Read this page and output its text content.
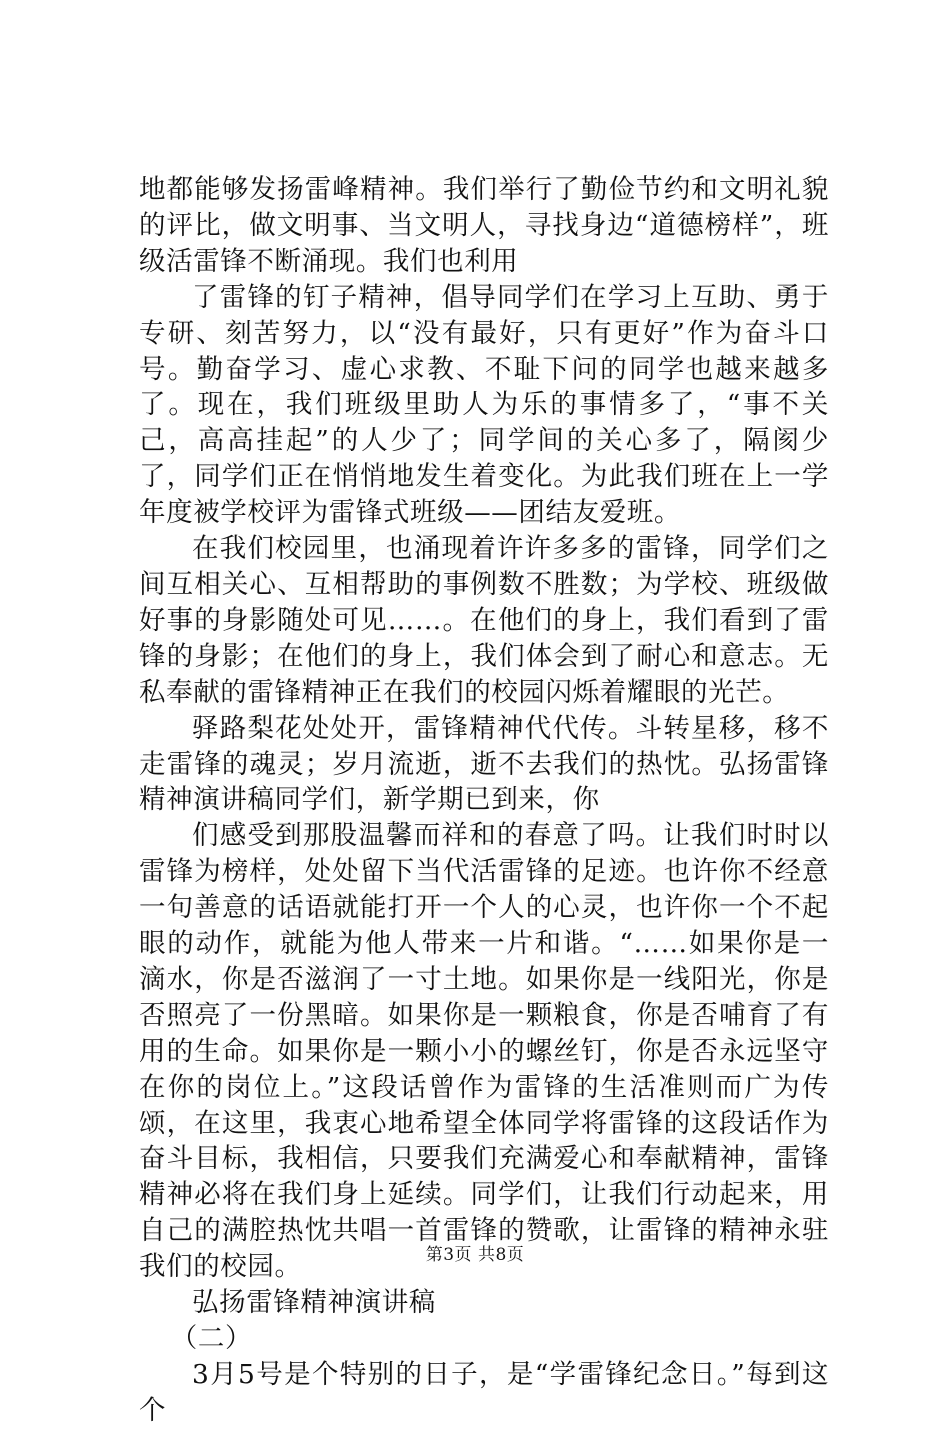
地都能够发扬雷峰精神。我们举行了勤俭节约和文明礼貌的评比，做文明事、当文明人，寻找身边“道德榜样”，班级活雷锋不断涌现。我们也利用

了雷锋的钉子精神，倡导同学们在学习上互助、勇于专研、刻苦努力，以“没有最好，只有更好”作为奋斗口号。勤奋学习、虚心求教、不耻下问的同学也越来越多了。现在，我们班级里助人为乐的事情多了，“事不关己，高高挂起”的人少了；同学间的关心多了，隔阂少了，同学们正在悄悄地发生着变化。为此我们班在上一学年度被学校评为雷锋式班级——团结友爱班。

在我们校园里，也涌现着许许多多的雷锋，同学们之间互相关心、互相帮助的事例数不胜数；为学校、班级做好事的身影随处可见……。在他们的身上，我们看到了雷锋的身影；在他们的身上，我们体会到了耐心和意志。无私奉献的雷锋精神正在我们的校园闪烁着耀眼的光芒。

驿路梨花处处开，雷锋精神代代传。斗转星移，移不走雷锋的魂灵；岁月流逝，逝不去我们的热忱。弘扬雷锋精神演讲稿同学们，新学期已到来，你

们感受到那股温馨而祥和的春意了吗。让我们时时以雷锋为榜样，处处留下当代活雷锋的足迹。也许你不经意一句善意的话语就能打开一个人的心灵，也许你一个不起眼的动作，就能为他人带来一片和谐。“……如果你是一滴水，你是否滋润了一寸土地。如果你是一线阳光，你是否照亮了一份黑暗。如果你是一颗粮食，你是否哺育了有用的生命。如果你是一颗小小的螺丝钉，你是否永远坚守在你的岗位上。”这段话曾作为雷锋的生活准则而广为传颂，在这里，我衷心地希望全体同学将雷锋的这段话作为奋斗目标，我相信，只要我们充满爱心和奉献精神，雷锋精神必将在我们身上延续。同学们，让我们行动起来，用自己的满腔热忱共唱一首雷锋的赞歌，让雷锋的精神永驻我们的校园。

弘扬雷锋精神演讲稿

（二）

3月5号是个特别的日子，是“学雷锋纪念日。”每到这个

第3页 共8页
